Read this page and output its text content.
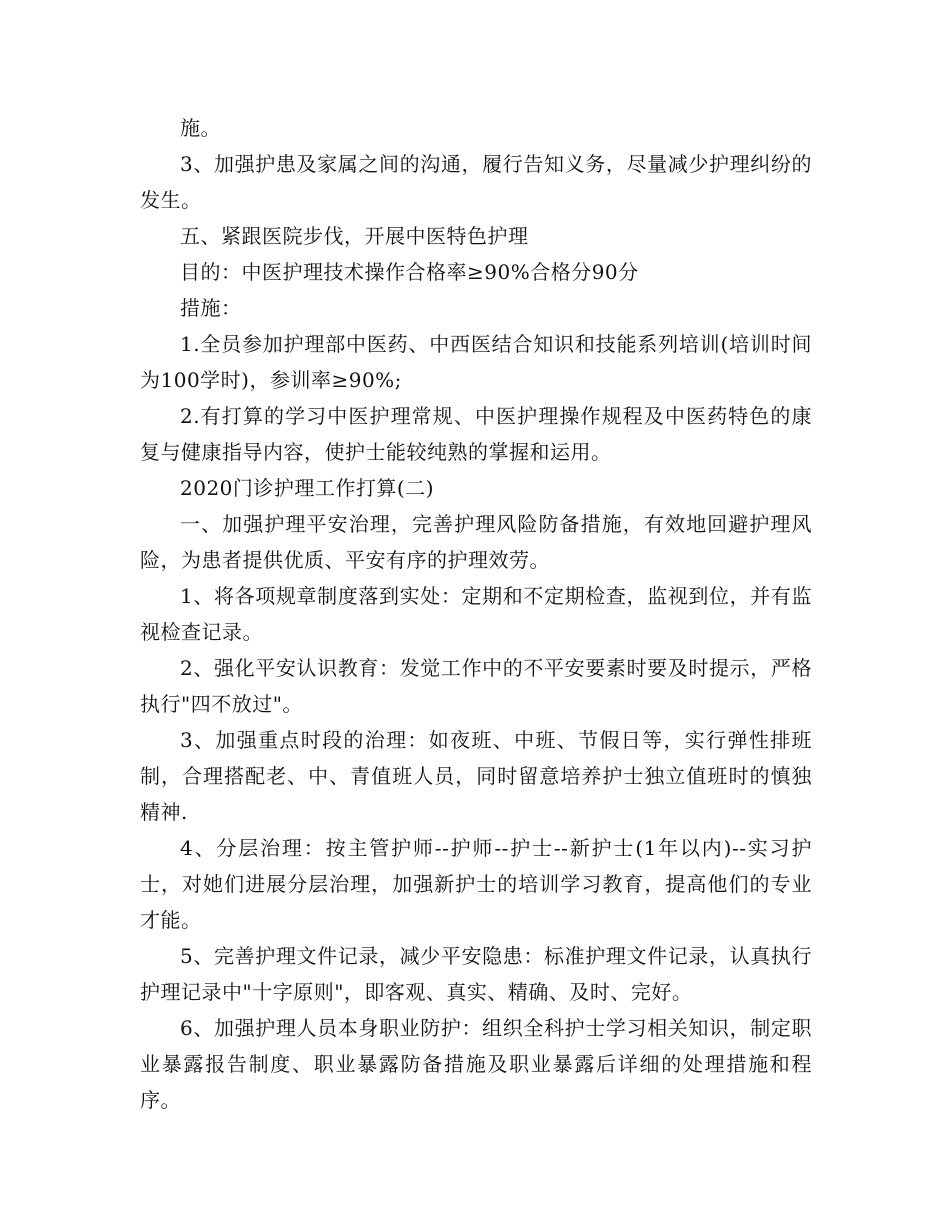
施。

3、加强护患及家属之间的沟通，履行告知义务，尽量减少护理纠纷的发生。

五、紧跟医院步伐，开展中医特色护理

目的：中医护理技术操作合格率≥90%合格分90分

措施：

1.全员参加护理部中医药、中西医结合知识和技能系列培训(培训时间为100学时)，参训率≥90%;

2.有打算的学习中医护理常规、中医护理操作规程及中医药特色的康复与健康指导内容，使护士能较纯熟的掌握和运用。

2020门诊护理工作打算(二)

一、加强护理平安治理，完善护理风险防备措施，有效地回避护理风险，为患者提供优质、平安有序的护理效劳。

1、将各项规章制度落到实处：定期和不定期检查，监视到位，并有监视检查记录。

2、强化平安认识教育：发觉工作中的不平安要素时要及时提示，严格执行"四不放过"。

3、加强重点时段的治理：如夜班、中班、节假日等，实行弹性排班制，合理搭配老、中、青值班人员，同时留意培养护士独立值班时的慎独精神.

4、分层治理：按主管护师--护师--护士--新护士(1年以内)--实习护士，对她们进展分层治理，加强新护士的培训学习教育，提高他们的专业才能。

5、完善护理文件记录，减少平安隐患：标准护理文件记录，认真执行护理记录中"十字原则"，即客观、真实、精确、及时、完好。

6、加强护理人员本身职业防护：组织全科护士学习相关知识，制定职业暴露报告制度、职业暴露防备措施及职业暴露后详细的处理措施和程序。
